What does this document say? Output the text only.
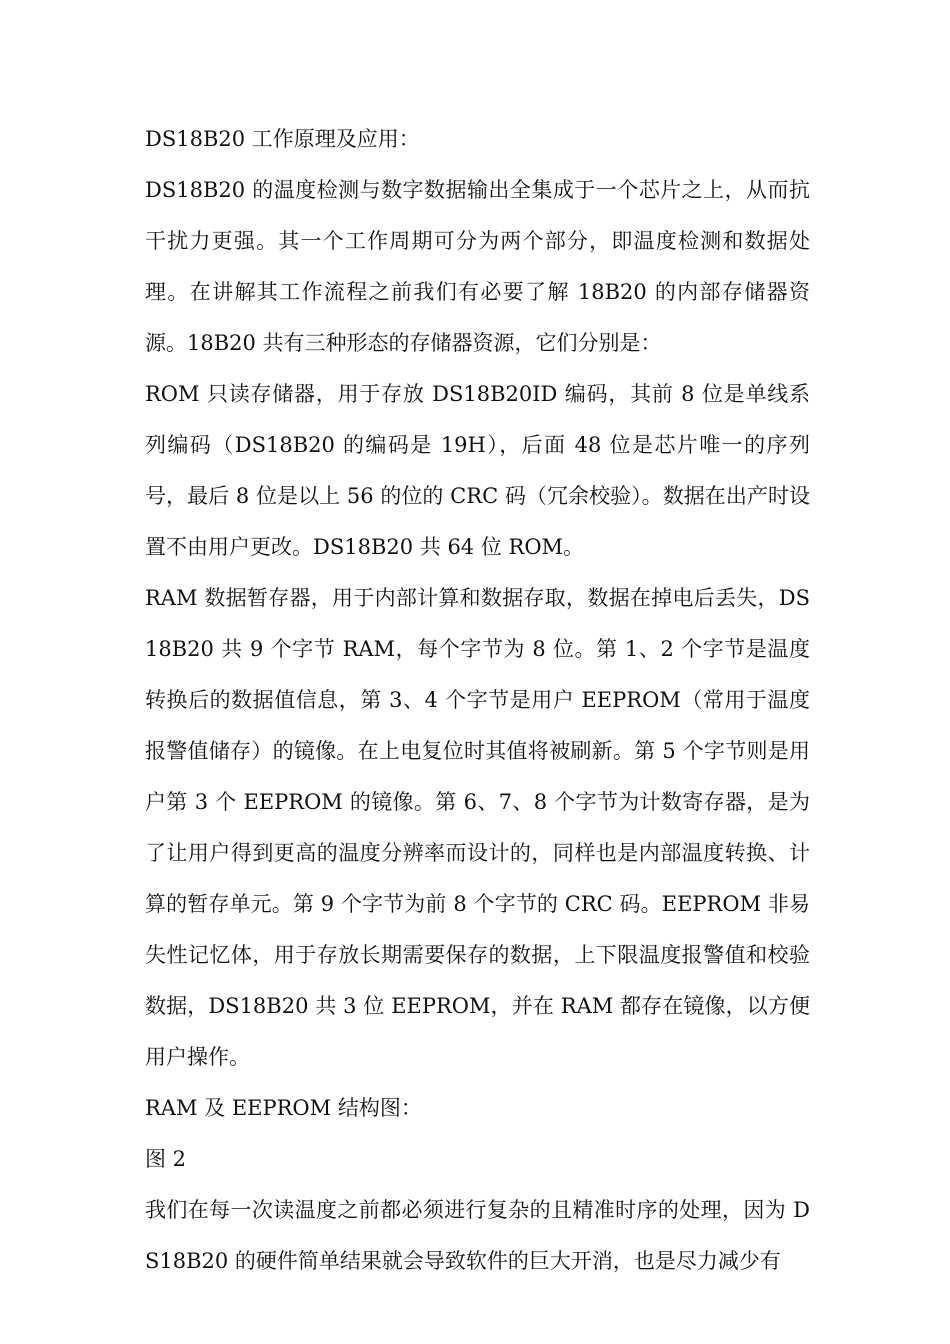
DS18B20 工作原理及应用：

DS18B20 的温度检测与数字数据输出全集成于一个芯片之上，从而抗干扰力更强。其一个工作周期可分为两个部分，即温度检测和数据处理。在讲解其工作流程之前我们有必要了解 18B20 的内部存储器资源。18B20 共有三种形态的存储器资源，它们分别是：

ROM 只读存储器，用于存放 DS18B20ID 编码，其前 8 位是单线系列编码（DS18B20 的编码是 19H），后面 48 位是芯片唯一的序列号，最后 8 位是以上 56 的位的 CRC 码（冗余校验）。数据在出产时设置不由用户更改。DS18B20 共 64 位 ROM。

RAM 数据暂存器，用于内部计算和数据存取，数据在掉电后丢失，DS18B20 共 9 个字节 RAM，每个字节为 8 位。第 1、2 个字节是温度转换后的数据值信息，第 3、4 个字节是用户 EEPROM（常用于温度报警值储存）的镜像。在上电复位时其值将被刷新。第 5 个字节则是用户第 3 个 EEPROM 的镜像。第 6、7、8 个字节为计数寄存器，是为了让用户得到更高的温度分辨率而设计的，同样也是内部温度转换、计算的暂存单元。第 9 个字节为前 8 个字节的 CRC 码。EEPROM 非易失性记忆体，用于存放长期需要保存的数据，上下限温度报警值和校验数据，DS18B20 共 3 位 EEPROM，并在 RAM 都存在镜像，以方便用户操作。

RAM 及 EEPROM 结构图：

图 2

我们在每一次读温度之前都必须进行复杂的且精准时序的处理，因为 DS18B20 的硬件简单结果就会导致软件的巨大开消，也是尽力减少有
